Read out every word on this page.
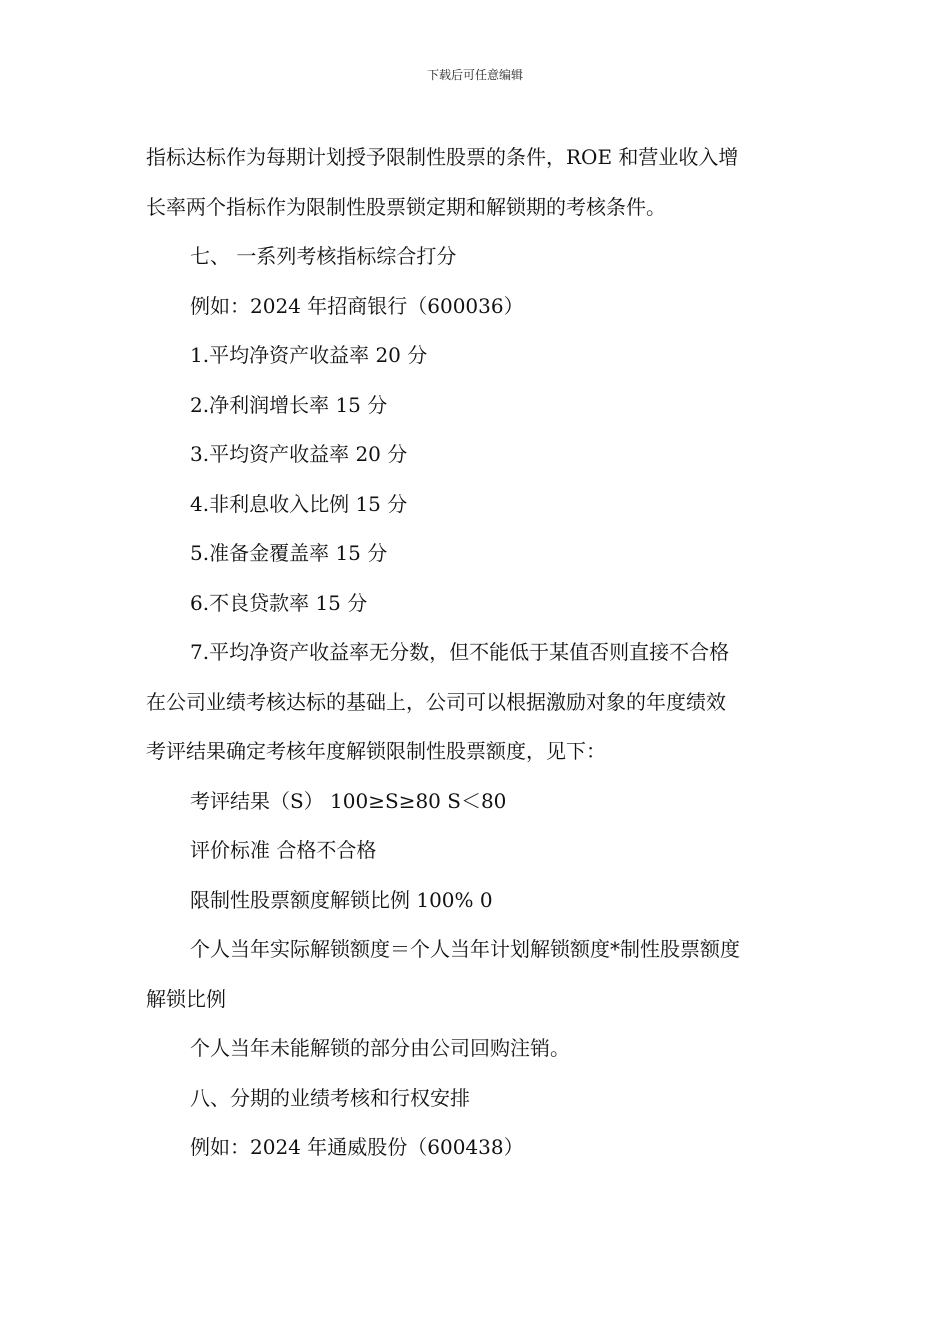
下载后可任意编辑

指标达标作为每期计划授予限制性股票的条件，ROE 和营业收入增

长率两个指标作为限制性股票锁定期和解锁期的考核条件。

七、 一系列考核指标综合打分

例如：2024 年招商银行（600036）

1.平均净资产收益率 20 分

2.净利润增长率 15 分

3.平均资产收益率 20 分

4.非利息收入比例 15 分

5.准备金覆盖率 15 分

6.不良贷款率 15 分

7.平均净资产收益率无分数，但不能低于某值否则直接不合格

在公司业绩考核达标的基础上，公司可以根据激励对象的年度绩效

考评结果确定考核年度解锁限制性股票额度，见下：

考评结果（S） 100≥S≥80 S＜80

评价标准 合格不合格

限制性股票额度解锁比例 100% 0

个人当年实际解锁额度＝个人当年计划解锁额度*制性股票额度

解锁比例

个人当年未能解锁的部分由公司回购注销。

八、分期的业绩考核和行权安排

例如：2024 年通威股份（600438）
